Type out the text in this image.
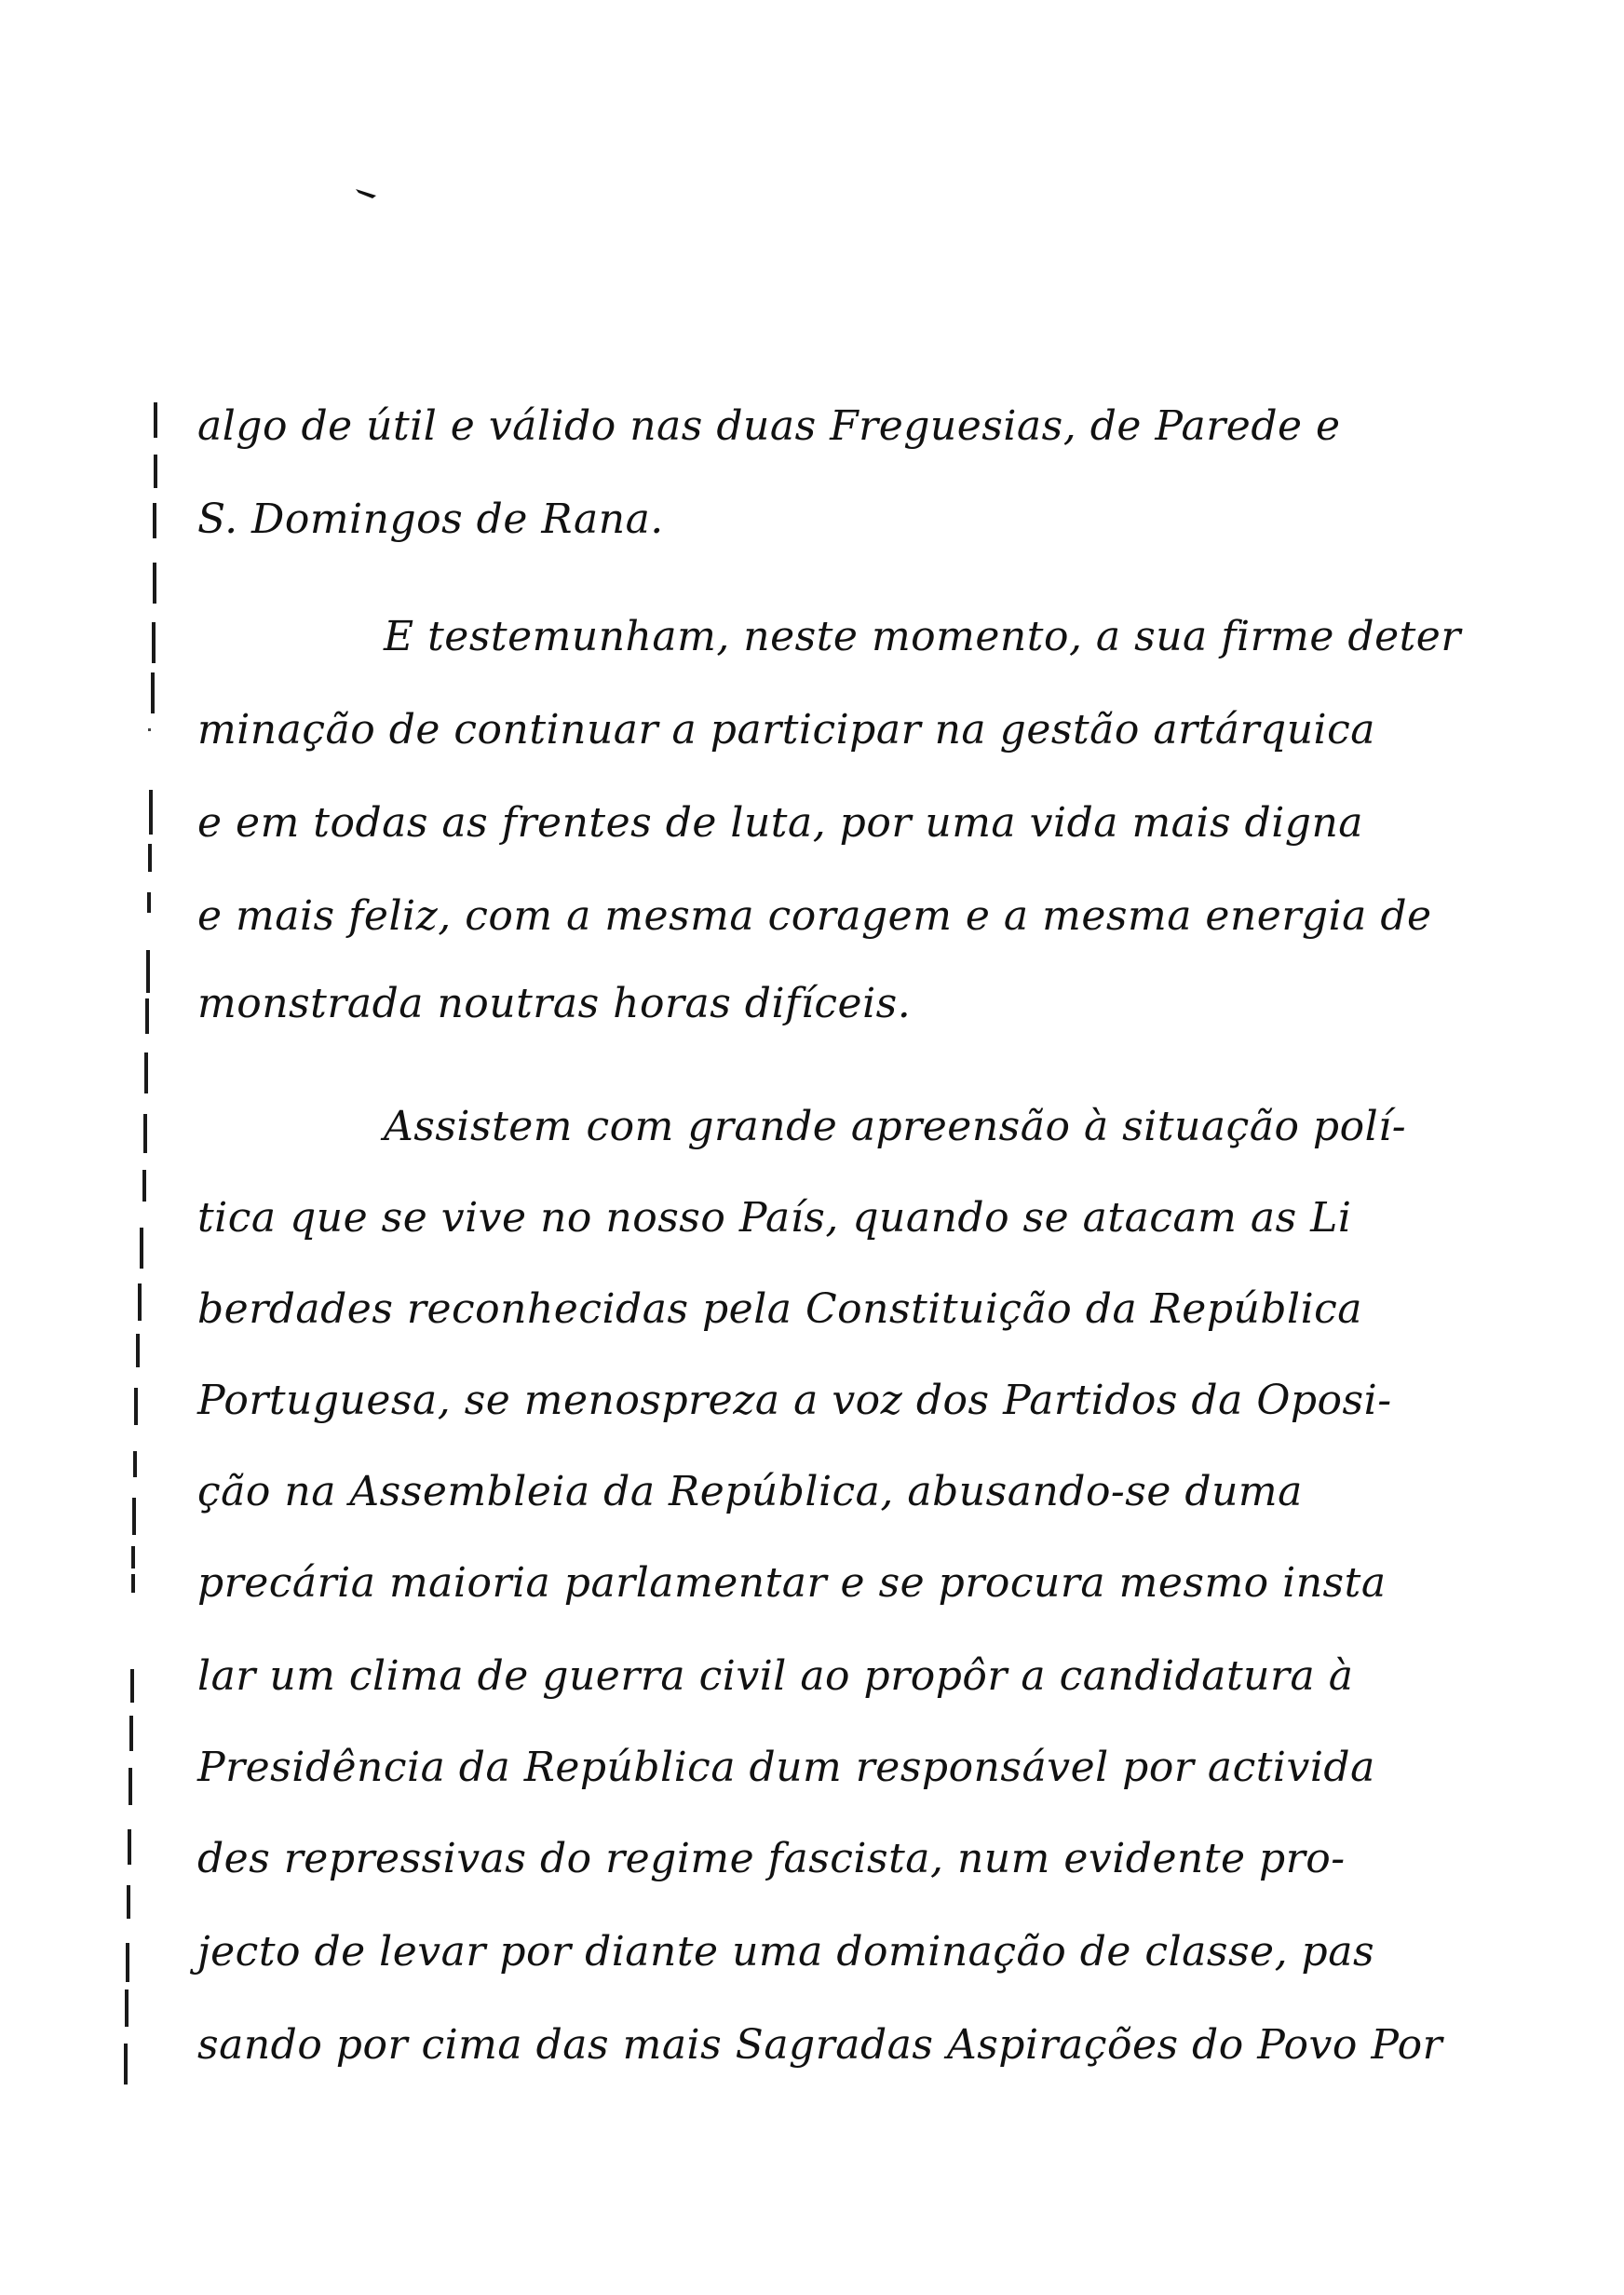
algo de útil e válido nas duas Freguesias, de Parede e
S. Domingos de Rana.
E testemunham, neste momento, a sua firme deter
minação de continuar a participar na gestão artárquica
e em todas as frentes de luta, por uma vida mais digna
e mais feliz, com a mesma coragem e a mesma energia de
monstrada noutras horas difíceis.
Assistem com grande apreensão à situação polí-
tica que se vive no nosso País, quando se atacam as Li
berdades reconhecidas pela Constituição da República
Portuguesa, se menospreza a voz dos Partidos da Oposi-
ção na Assembleia da República, abusando-se duma
precária maioria parlamentar e se procura mesmo insta
lar um clima de guerra civil ao propôr a candidatura à
Presidência da República dum responsável por activida
des repressivas do regime fascista, num evidente pro-
jecto de levar por diante uma dominação de classe, pas
sando por cima das mais Sagradas Aspirações do Povo Por
